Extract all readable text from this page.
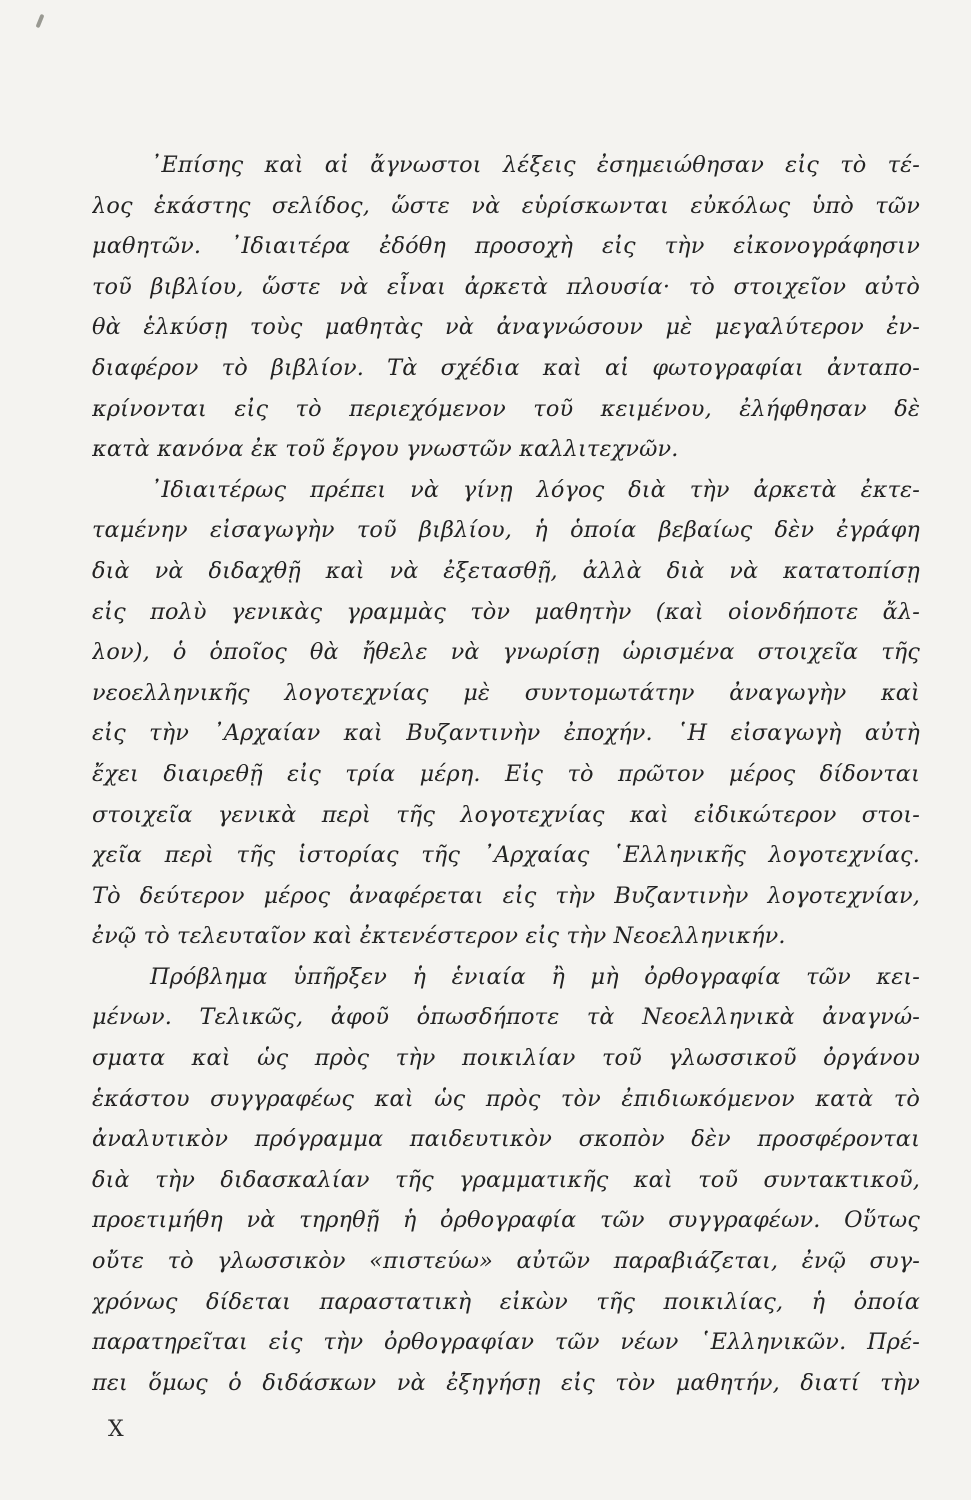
᾽Επίσης καὶ αἱ ἄγνωστοι λέξεις ἐσημειώθησαν εἰς τὸ τέ-
λος ἑκάστης σελίδος, ὥστε νὰ εὑρίσκωνται εὐκόλως ὑπὸ τῶν
μαθητῶν. ᾽Ιδιαιτέρα ἐδόθη προσοχὴ εἰς τὴν εἰκονογράφησιν
τοῦ βιβλίου, ὥστε νὰ εἶναι ἀρκετὰ πλουσία· τὸ στοιχεῖον αὐτὸ
θὰ ἑλκύσῃ τοὺς μαθητὰς νὰ ἀναγνώσουν μὲ μεγαλύτερον ἐν-
διαφέρον τὸ βιβλίον. Τὰ σχέδια καὶ αἱ φωτογραφίαι ἀνταπο-
κρίνονται εἰς τὸ περιεχόμενον τοῦ κειμένου, ἐλήφθησαν δὲ
κατὰ κανόνα ἐκ τοῦ ἔργου γνωστῶν καλλιτεχνῶν.
᾽Ιδιαιτέρως πρέπει νὰ γίνῃ λόγος διὰ τὴν ἀρκετὰ ἐκτε-
ταμένην εἰσαγωγὴν τοῦ βιβλίου, ἡ ὁποία βεβαίως δὲν ἐγράφη
διὰ νὰ διδαχθῇ καὶ νὰ ἐξετασθῇ, ἀλλὰ διὰ νὰ κατατοπίσῃ
εἰς πολὺ γενικὰς γραμμὰς τὸν μαθητὴν (καὶ οἱονδήποτε ἄλ-
λον), ὁ ὁποῖος θὰ ἤθελε νὰ γνωρίσῃ ὡρισμένα στοιχεῖα τῆς
νεοελληνικῆς λογοτεχνίας μὲ συντομωτάτην ἀναγωγὴν καὶ
εἰς τὴν ᾽Αρχαίαν καὶ Βυζαντινὴν ἐποχήν. ῾Η εἰσαγωγὴ αὐτὴ
ἔχει διαιρεθῇ εἰς τρία μέρη. Εἰς τὸ πρῶτον μέρος δίδονται
στοιχεῖα γενικὰ περὶ τῆς λογοτεχνίας καὶ εἰδικώτερον στοι-
χεῖα περὶ τῆς ἱστορίας τῆς ᾽Αρχαίας ῾Ελληνικῆς λογοτεχνίας.
Τὸ δεύτερον μέρος ἀναφέρεται εἰς τὴν Βυζαντινὴν λογοτεχνίαν,
ἐνῷ τὸ τελευταῖον καὶ ἐκτενέστερον εἰς τὴν Νεοελληνικήν.
Πρόβλημα ὑπῆρξεν ἡ ἑνιαία ἢ μὴ ὀρθογραφία τῶν κει-
μένων. Τελικῶς, ἀφοῦ ὁπωσδήποτε τὰ Νεοελληνικὰ ἀναγνώ-
σματα καὶ ὡς πρὸς τὴν ποικιλίαν τοῦ γλωσσικοῦ ὀργάνου
ἑκάστου συγγραφέως καὶ ὡς πρὸς τὸν ἐπιδιωκόμενον κατὰ τὸ
ἀναλυτικὸν πρόγραμμα παιδευτικὸν σκοπὸν δὲν προσφέρονται
διὰ τὴν διδασκαλίαν τῆς γραμματικῆς καὶ τοῦ συντακτικοῦ,
προετιμήθη νὰ τηρηθῇ ἡ ὀρθογραφία τῶν συγγραφέων. Οὕτως
οὔτε τὸ γλωσσικὸν «πιστεύω» αὐτῶν παραβιάζεται, ἐνῷ συγ-
χρόνως δίδεται παραστατικὴ εἰκὼν τῆς ποικιλίας, ἡ ὁποία
παρατηρεῖται εἰς τὴν ὀρθογραφίαν τῶν νέων ῾Ελληνικῶν. Πρέ-
πει ὅμως ὁ διδάσκων νὰ ἐξηγήσῃ εἰς τὸν μαθητήν, διατί τὴν
X
